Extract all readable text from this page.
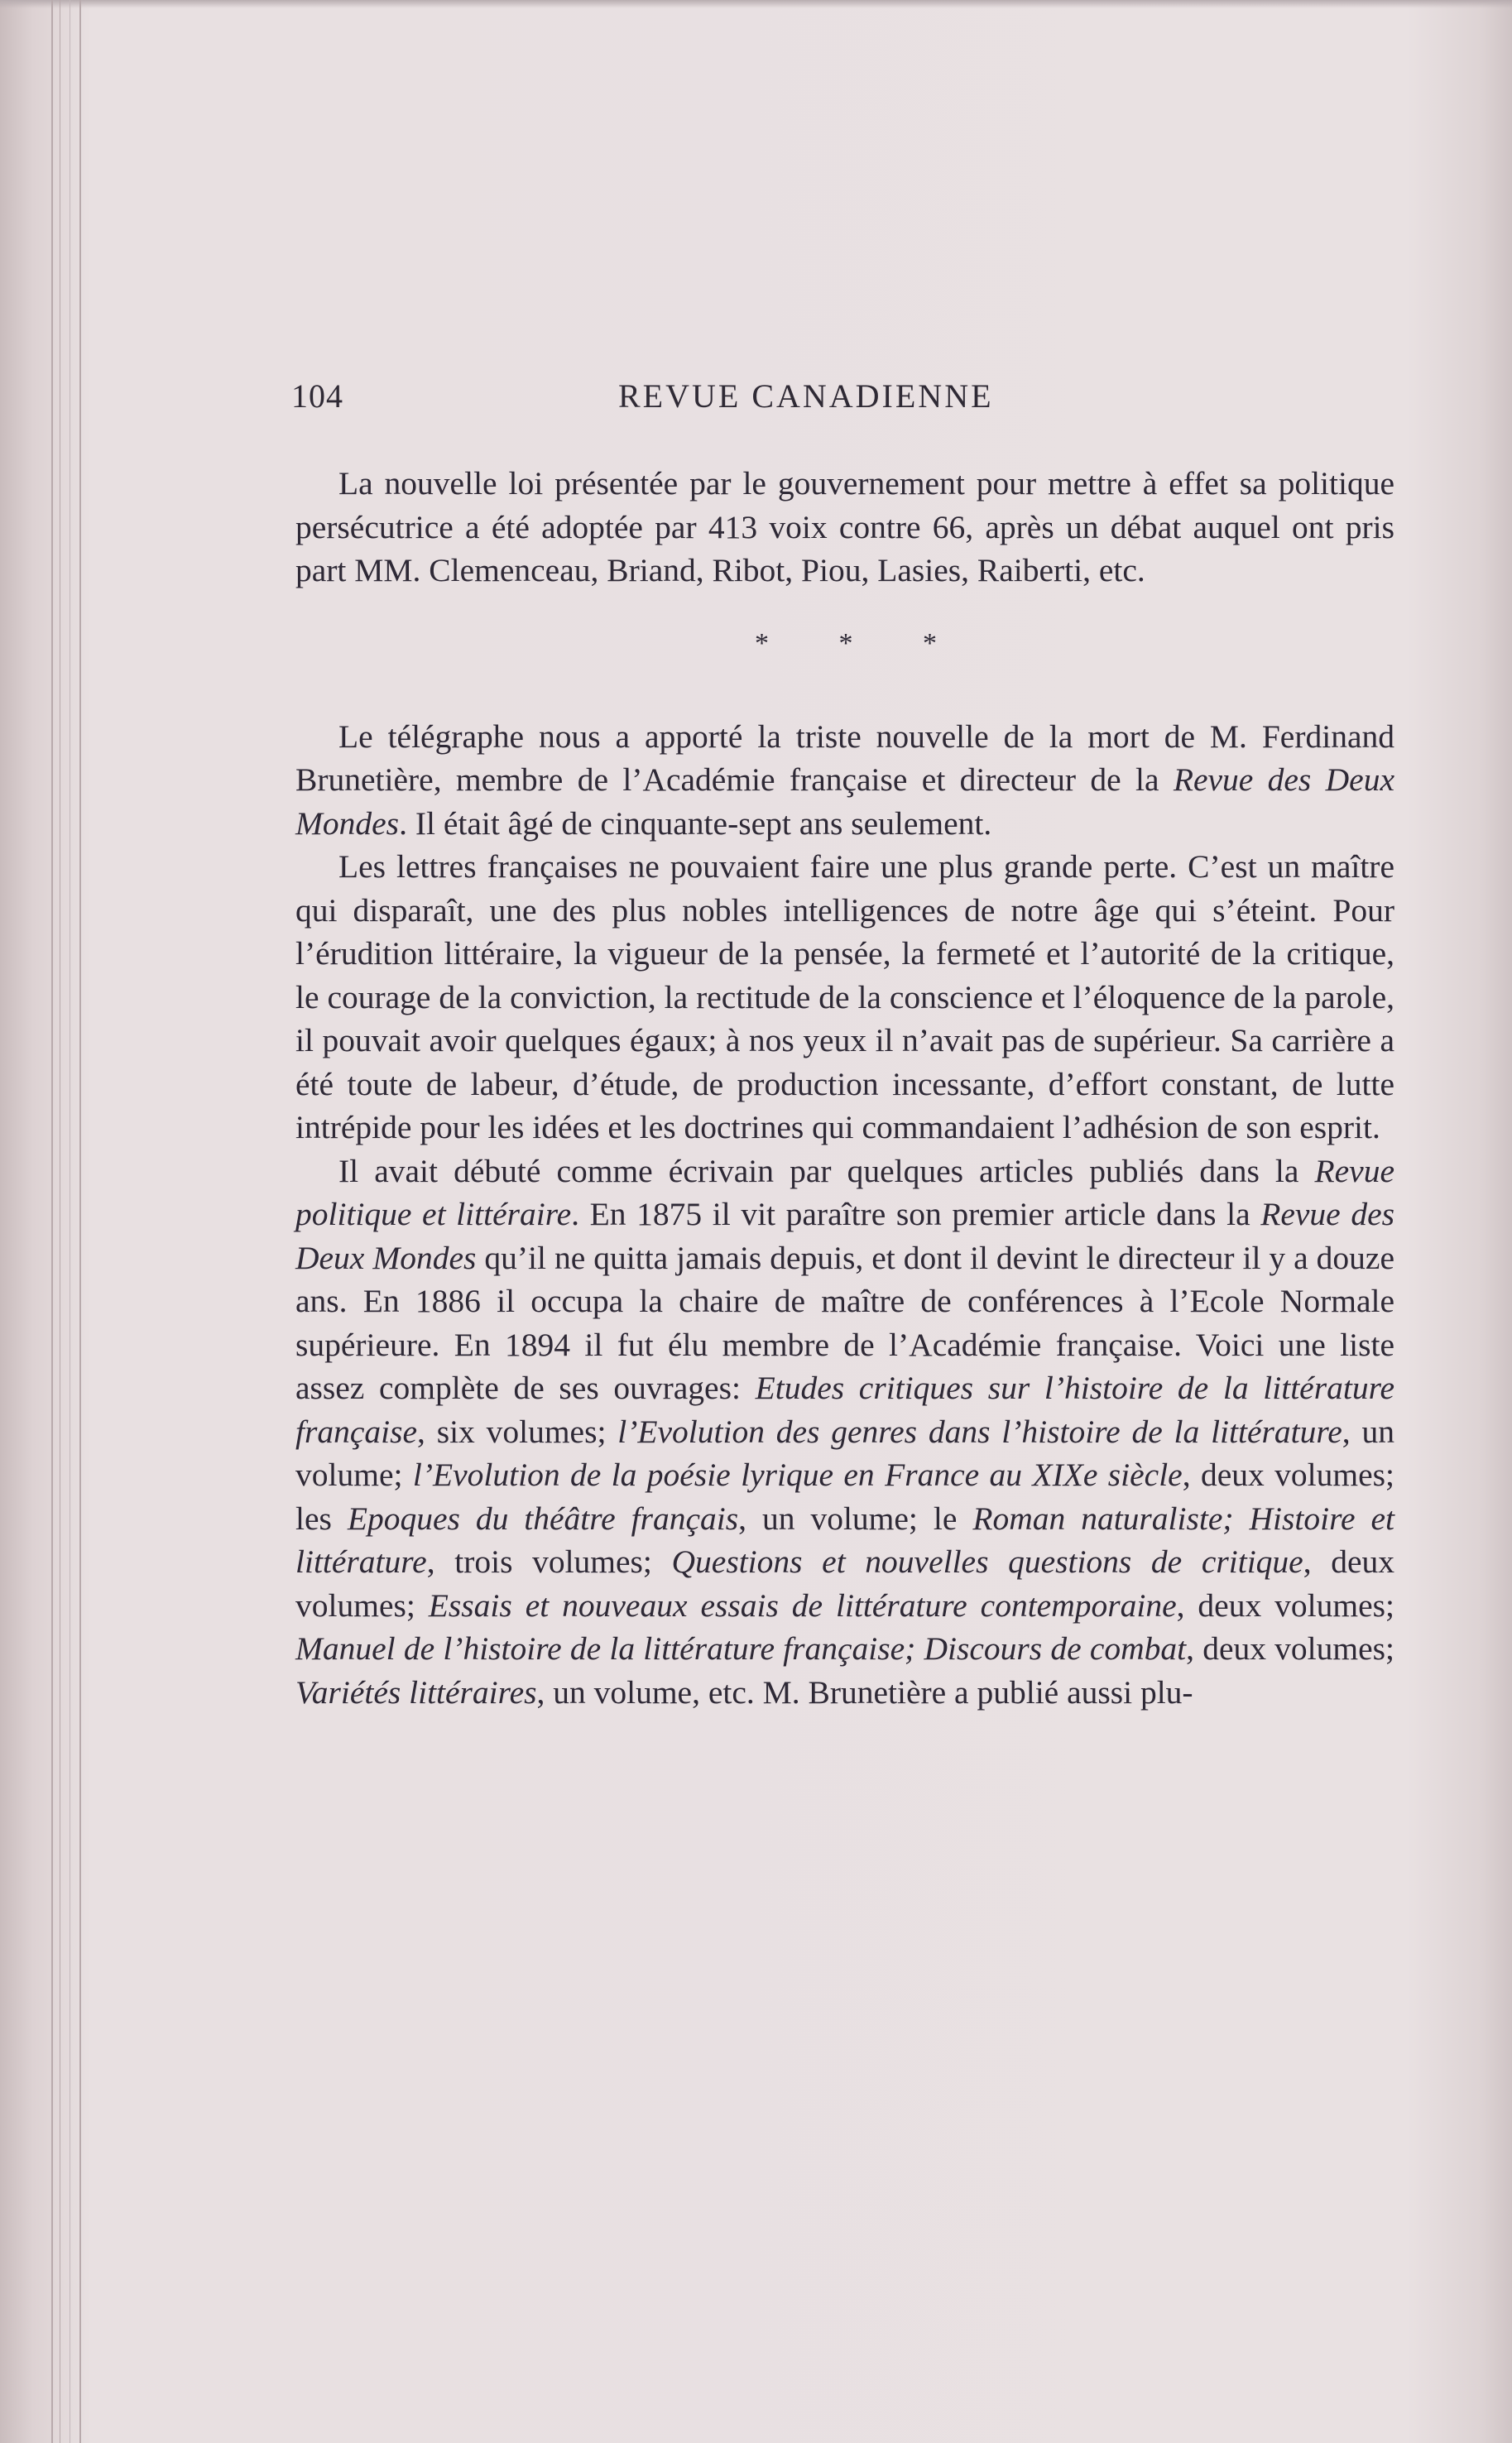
104	REVUE CANADIENNE

La nouvelle loi présentée par le gouvernement pour mettre à effet sa politique persécutrice a été adoptée par 413 voix contre 66, après un débat auquel ont pris part MM. Clemenceau, Briand, Ribot, Piou, Lasies, Raiberti, etc.

* * *

Le télégraphe nous a apporté la triste nouvelle de la mort de M. Ferdinand Brunetière, membre de l’Académie française et directeur de la Revue des Deux Mondes. Il était âgé de cinquante-sept ans seulement.

Les lettres françaises ne pouvaient faire une plus grande perte. C’est un maître qui disparaît, une des plus nobles intelligences de notre âge qui s’éteint. Pour l’érudition littéraire, la vigueur de la pensée, la fermeté et l’autorité de la critique, le courage de la conviction, la rectitude de la conscience et l’éloquence de la parole, il pouvait avoir quelques égaux; à nos yeux il n’avait pas de supérieur. Sa carrière a été toute de labeur, d’étude, de production incessante, d’effort constant, de lutte intrépide pour les idées et les doctrines qui commandaient l’adhésion de son esprit.

Il avait débuté comme écrivain par quelques articles publiés dans la Revue politique et littéraire. En 1875 il vit paraître son premier article dans la Revue des Deux Mondes qu’il ne quitta jamais depuis, et dont il devint le directeur il y a douze ans. En 1886 il occupa la chaire de maître de conférences à l’Ecole Normale supérieure. En 1894 il fut élu membre de l’Académie française. Voici une liste assez complète de ses ouvrages: Etudes critiques sur l’histoire de la littérature française, six volumes; l’Evolution des genres dans l’histoire de la littérature, un volume; l’Evolution de la poésie lyrique en France au XIXe siècle, deux volumes; les Epoques du théâtre français, un volume; le Roman naturaliste; Histoire et littérature, trois volumes; Questions et nouvelles questions de critique, deux volumes; Essais et nouveaux essais de littérature contemporaine, deux volumes; Manuel de l’histoire de la littérature française; Discours de combat, deux volumes; Variétés littéraires, un volume, etc. M. Brunetière a publié aussi plu-
